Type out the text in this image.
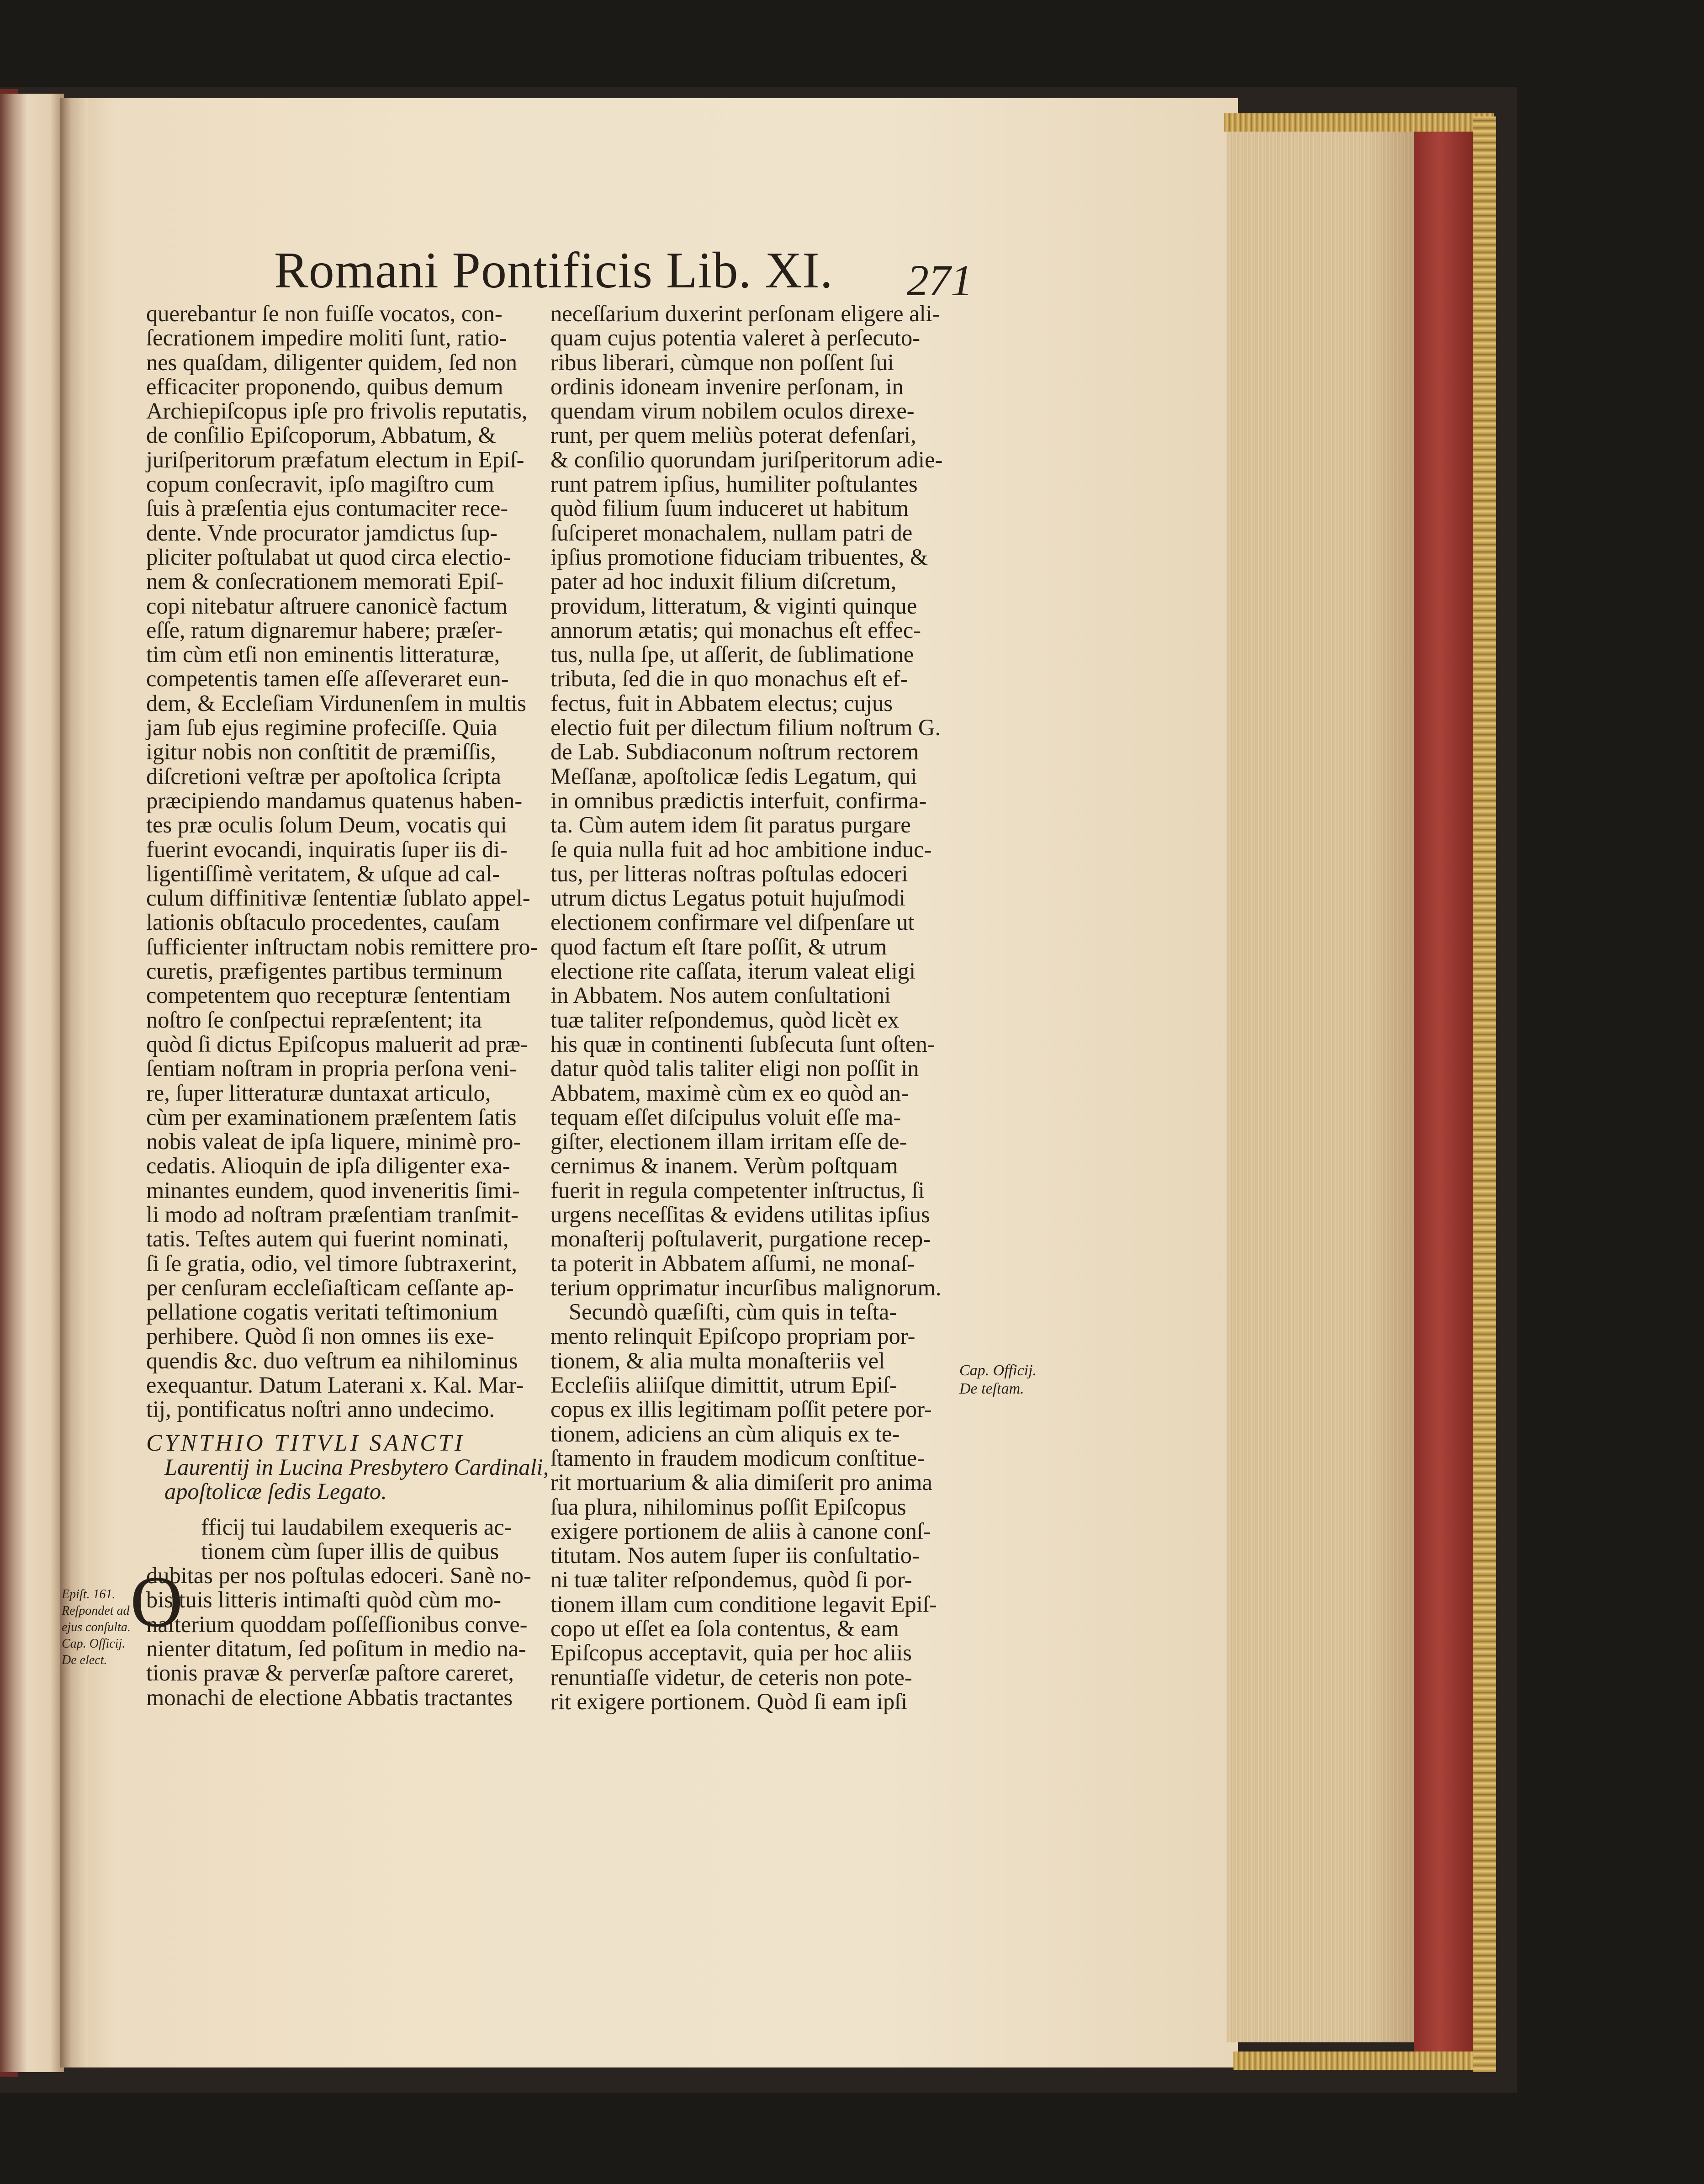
Romani Pontificis Lib. XI. 271
querebantur ſe non fuiſſe vocatos, con-
ſecrationem impedire moliti ſunt, ratio-
nes quaſdam, diligenter quidem, ſed non
efficaciter proponendo, quibus demum
Archiepiſcopus ipſe pro frivolis reputatis,
de conſilio Epiſcoporum, Abbatum, &
juriſperitorum præfatum electum in Epiſ-
copum conſecravit, ipſo magiſtro cum
ſuis à præſentia ejus contumaciter rece-
dente. Vnde procurator jamdictus ſup-
pliciter poſtulabat ut quod circa electio-
nem & conſecrationem memorati Epiſ-
copi nitebatur aſtruere canonicè factum
eſſe, ratum dignaremur habere; præſer-
tim cùm etſi non eminentis litteraturæ,
competentis tamen eſſe aſſeveraret eun-
dem, & Eccleſiam Virdunenſem in multis
jam ſub ejus regimine profeciſſe. Quia
igitur nobis non conſtitit de præmiſſis,
diſcretioni veſtræ per apoſtolica ſcripta
præcipiendo mandamus quatenus haben-
tes præ oculis ſolum Deum, vocatis qui
fuerint evocandi, inquiratis ſuper iis di-
ligentiſſimè veritatem, & uſque ad cal-
culum diffinitivæ ſententiæ ſublato appel-
lationis obſtaculo procedentes, cauſam
ſufficienter inſtructam nobis remittere pro-
curetis, præfigentes partibus terminum
competentem quo recepturæ ſententiam
noſtro ſe conſpectui repræſentent; ita
quòd ſi dictus Epiſcopus maluerit ad præ-
ſentiam noſtram in propria perſona veni-
re, ſuper litteraturæ duntaxat articulo,
cùm per examinationem præſentem ſatis
nobis valeat de ipſa liquere, minimè pro-
cedatis. Alioquin de ipſa diligenter exa-
minantes eundem, quod inveneritis ſimi-
li modo ad noſtram præſentiam tranſmit-
tatis. Teſtes autem qui fuerint nominati,
ſi ſe gratia, odio, vel timore ſubtraxerint,
per cenſuram eccleſiaſticam ceſſante ap-
pellatione cogatis veritati teſtimonium
perhibere. Quòd ſi non omnes iis exe-
quendis &c. duo veſtrum ea nihilominus
exequantur. Datum Laterani x. Kal. Mar-
tij, pontificatus noſtri anno undecimo.
CYNTHIO TITVLI SANCTI
Laurentij in Lucina Presbytero Cardinali,
apoſtolicæ ſedis Legato.
fficij tui laudabilem exequeris ac-
tionem cùm ſuper illis de quibus
dubitas per nos poſtulas edoceri. Sanè no-
bis tuis litteris intimaſti quòd cùm mo-
naſterium quoddam poſſeſſionibus conve-
nienter ditatum, ſed poſitum in medio na-
tionis pravæ & perverſæ paſtore careret,
monachi de electione Abbatis tractantes
O
neceſſarium duxerint perſonam eligere ali-
quam cujus potentia valeret à perſecuto-
ribus liberari, cùmque non poſſent ſui
ordinis idoneam invenire perſonam, in
quendam virum nobilem oculos direxe-
runt, per quem meliùs poterat defenſari,
& conſilio quorundam juriſperitorum adie-
runt patrem ipſius, humiliter poſtulantes
quòd filium ſuum induceret ut habitum
ſuſciperet monachalem, nullam patri de
ipſius promotione fiduciam tribuentes, &
pater ad hoc induxit filium diſcretum,
providum, litteratum, & viginti quinque
annorum ætatis; qui monachus eſt effec-
tus, nulla ſpe, ut aſſerit, de ſublimatione
tributa, ſed die in quo monachus eſt ef-
fectus, fuit in Abbatem electus; cujus
electio fuit per dilectum filium noſtrum G.
de Lab. Subdiaconum noſtrum rectorem
Meſſanæ, apoſtolicæ ſedis Legatum, qui
in omnibus prædictis interfuit, confirma-
ta. Cùm autem idem ſit paratus purgare
ſe quia nulla fuit ad hoc ambitione induc-
tus, per litteras noſtras poſtulas edoceri
utrum dictus Legatus potuit hujuſmodi
electionem confirmare vel diſpenſare ut
quod factum eſt ſtare poſſit, & utrum
electione rite caſſata, iterum valeat eligi
in Abbatem. Nos autem conſultationi
tuæ taliter reſpondemus, quòd licèt ex
his quæ in continenti ſubſecuta ſunt oſten-
datur quòd talis taliter eligi non poſſit in
Abbatem, maximè cùm ex eo quòd an-
tequam eſſet diſcipulus voluit eſſe ma-
giſter, electionem illam irritam eſſe de-
cernimus & inanem. Verùm poſtquam
fuerit in regula competenter inſtructus, ſi
urgens neceſſitas & evidens utilitas ipſius
monaſterij poſtulaverit, purgatione recep-
ta poterit in Abbatem aſſumi, ne monaſ-
terium opprimatur incurſibus malignorum.
Secundò quæſiſti, cùm quis in teſta-
mento relinquit Epiſcopo propriam por-
tionem, & alia multa monaſteriis vel
Eccleſiis aliiſque dimittit, utrum Epiſ-
copus ex illis legitimam poſſit petere por-
tionem, adiciens an cùm aliquis ex te-
ſtamento in fraudem modicum conſtitue-
rit mortuarium & alia dimiſerit pro anima
ſua plura, nihilominus poſſit Epiſcopus
exigere portionem de aliis à canone conſ-
titutam. Nos autem ſuper iis conſultatio-
ni tuæ taliter reſpondemus, quòd ſi por-
tionem illam cum conditione legavit Epiſ-
copo ut eſſet ea ſola contentus, & eam
Epiſcopus acceptavit, quia per hoc aliis
renuntiaſſe videtur, de ceteris non pote-
rit exigere portionem. Quòd ſi eam ipſi
Epiſt. 161.
Reſpondet ad
ejus conſulta.
Cap. Officij.
De elect.
Cap. Officij.
De teſtam.
